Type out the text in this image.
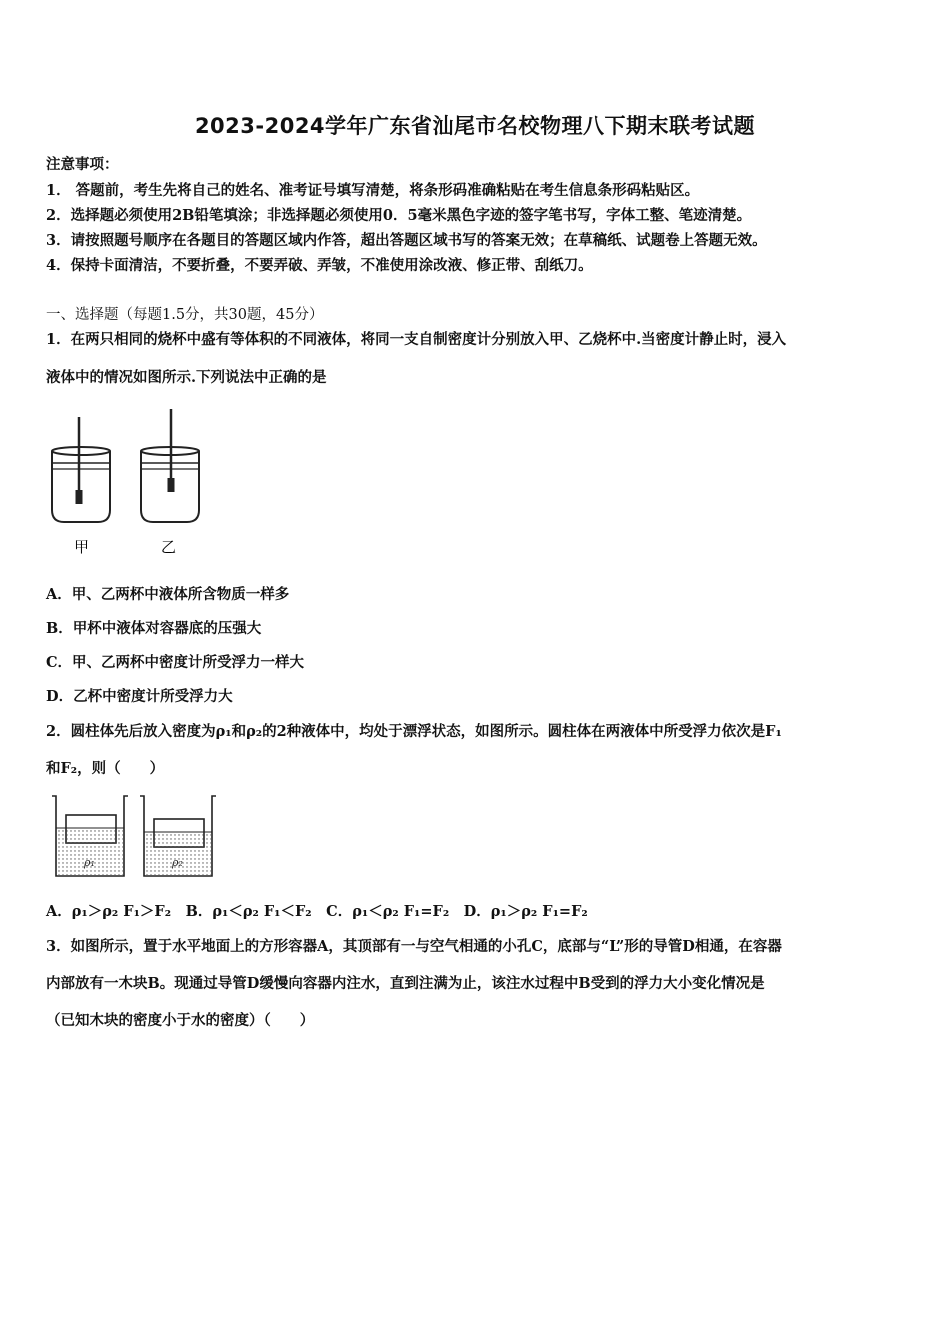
2023-2024学年广东省汕尾市名校物理八下期末联考试题
注意事项：
1． 答题前，考生先将自己的姓名、准考证号填写清楚，将条形码准确粘贴在考生信息条形码粘贴区。
2．选择题必须使用2B铅笔填涂；非选择题必须使用0．5毫米黑色字迹的签字笔书写，字体工整、笔迹清楚。
3．请按照题号顺序在各题目的答题区域内作答，超出答题区域书写的答案无效；在草稿纸、试题卷上答题无效。
4．保持卡面清洁，不要折叠，不要弄破、弄皱，不准使用涂改液、修正带、刮纸刀。
一、选择题（每题1.5分，共30题，45分）
1．在两只相同的烧杯中盛有等体积的不同液体，将同一支自制密度计分别放入甲、乙烧杯中.当密度计静止时，浸入
液体中的情况如图所示.下列说法中正确的是
甲	乙
A．甲、乙两杯中液体所含物质一样多
B．甲杯中液体对容器底的压强大
C．甲、乙两杯中密度计所受浮力一样大
D．乙杯中密度计所受浮力大
2．圆柱体先后放入密度为ρ₁和ρ₂的2种液体中，均处于漂浮状态，如图所示。圆柱体在两液体中所受浮力依次是F₁
和F₂，则（　　）
ρ₁	ρ₂
A．ρ₁＞ρ₂ F₁＞F₂　B．ρ₁＜ρ₂ F₁＜F₂　C．ρ₁＜ρ₂ F₁=F₂　D．ρ₁＞ρ₂ F₁=F₂
3．如图所示，置于水平地面上的方形容器A，其顶部有一与空气相通的小孔C，底部与“L”形的导管D相通，在容器
内部放有一木块B。现通过导管D缓慢向容器内注水，直到注满为止，该注水过程中B受到的浮力大小变化情况是
（已知木块的密度小于水的密度）（　　）
